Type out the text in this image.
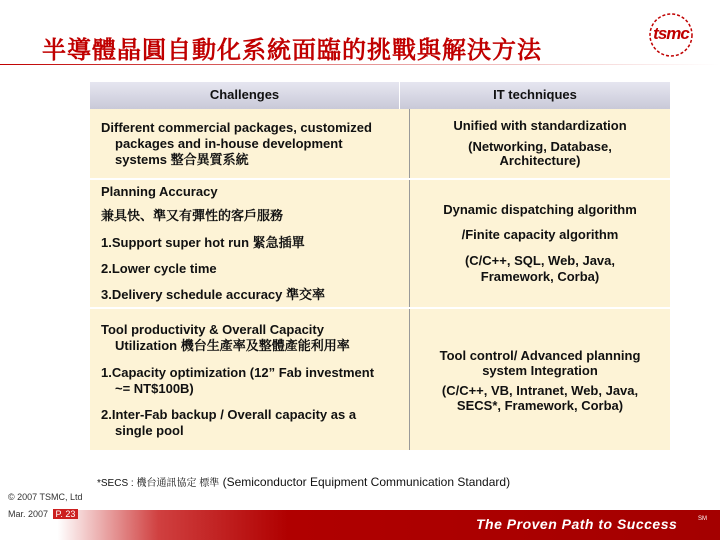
半導體晶圓自動化系統面臨的挑戰與解決方法
tsmc
Challenges	IT techniques
Different commercial packages, customized
packages and in-house development
systems 整合異質系統
Unified with standardization
(Networking, Database,
Architecture)
Planning Accuracy
兼具快、準又有彈性的客戶服務
1.Support super hot run 緊急插單
2.Lower cycle time
3.Delivery schedule accuracy 準交率
Dynamic dispatching algorithm
/Finite capacity algorithm
(C/C++, SQL, Web, Java,
Framework, Corba)
Tool productivity & Overall Capacity
Utilization 機台生產率及整體產能利用率
1.Capacity optimization (12” Fab investment
~= NT$100B)
2.Inter-Fab backup / Overall capacity as a
single pool
Tool control/ Advanced planning
system Integration
(C/C++, VB, Intranet, Web, Java,
SECS*, Framework, Corba)
*SECS : 機台通訊協定 標準 (Semiconductor Equipment Communication Standard)
© 2007 TSMC, Ltd
Mar. 2007 P. 23
The Proven Path to Success	SM
